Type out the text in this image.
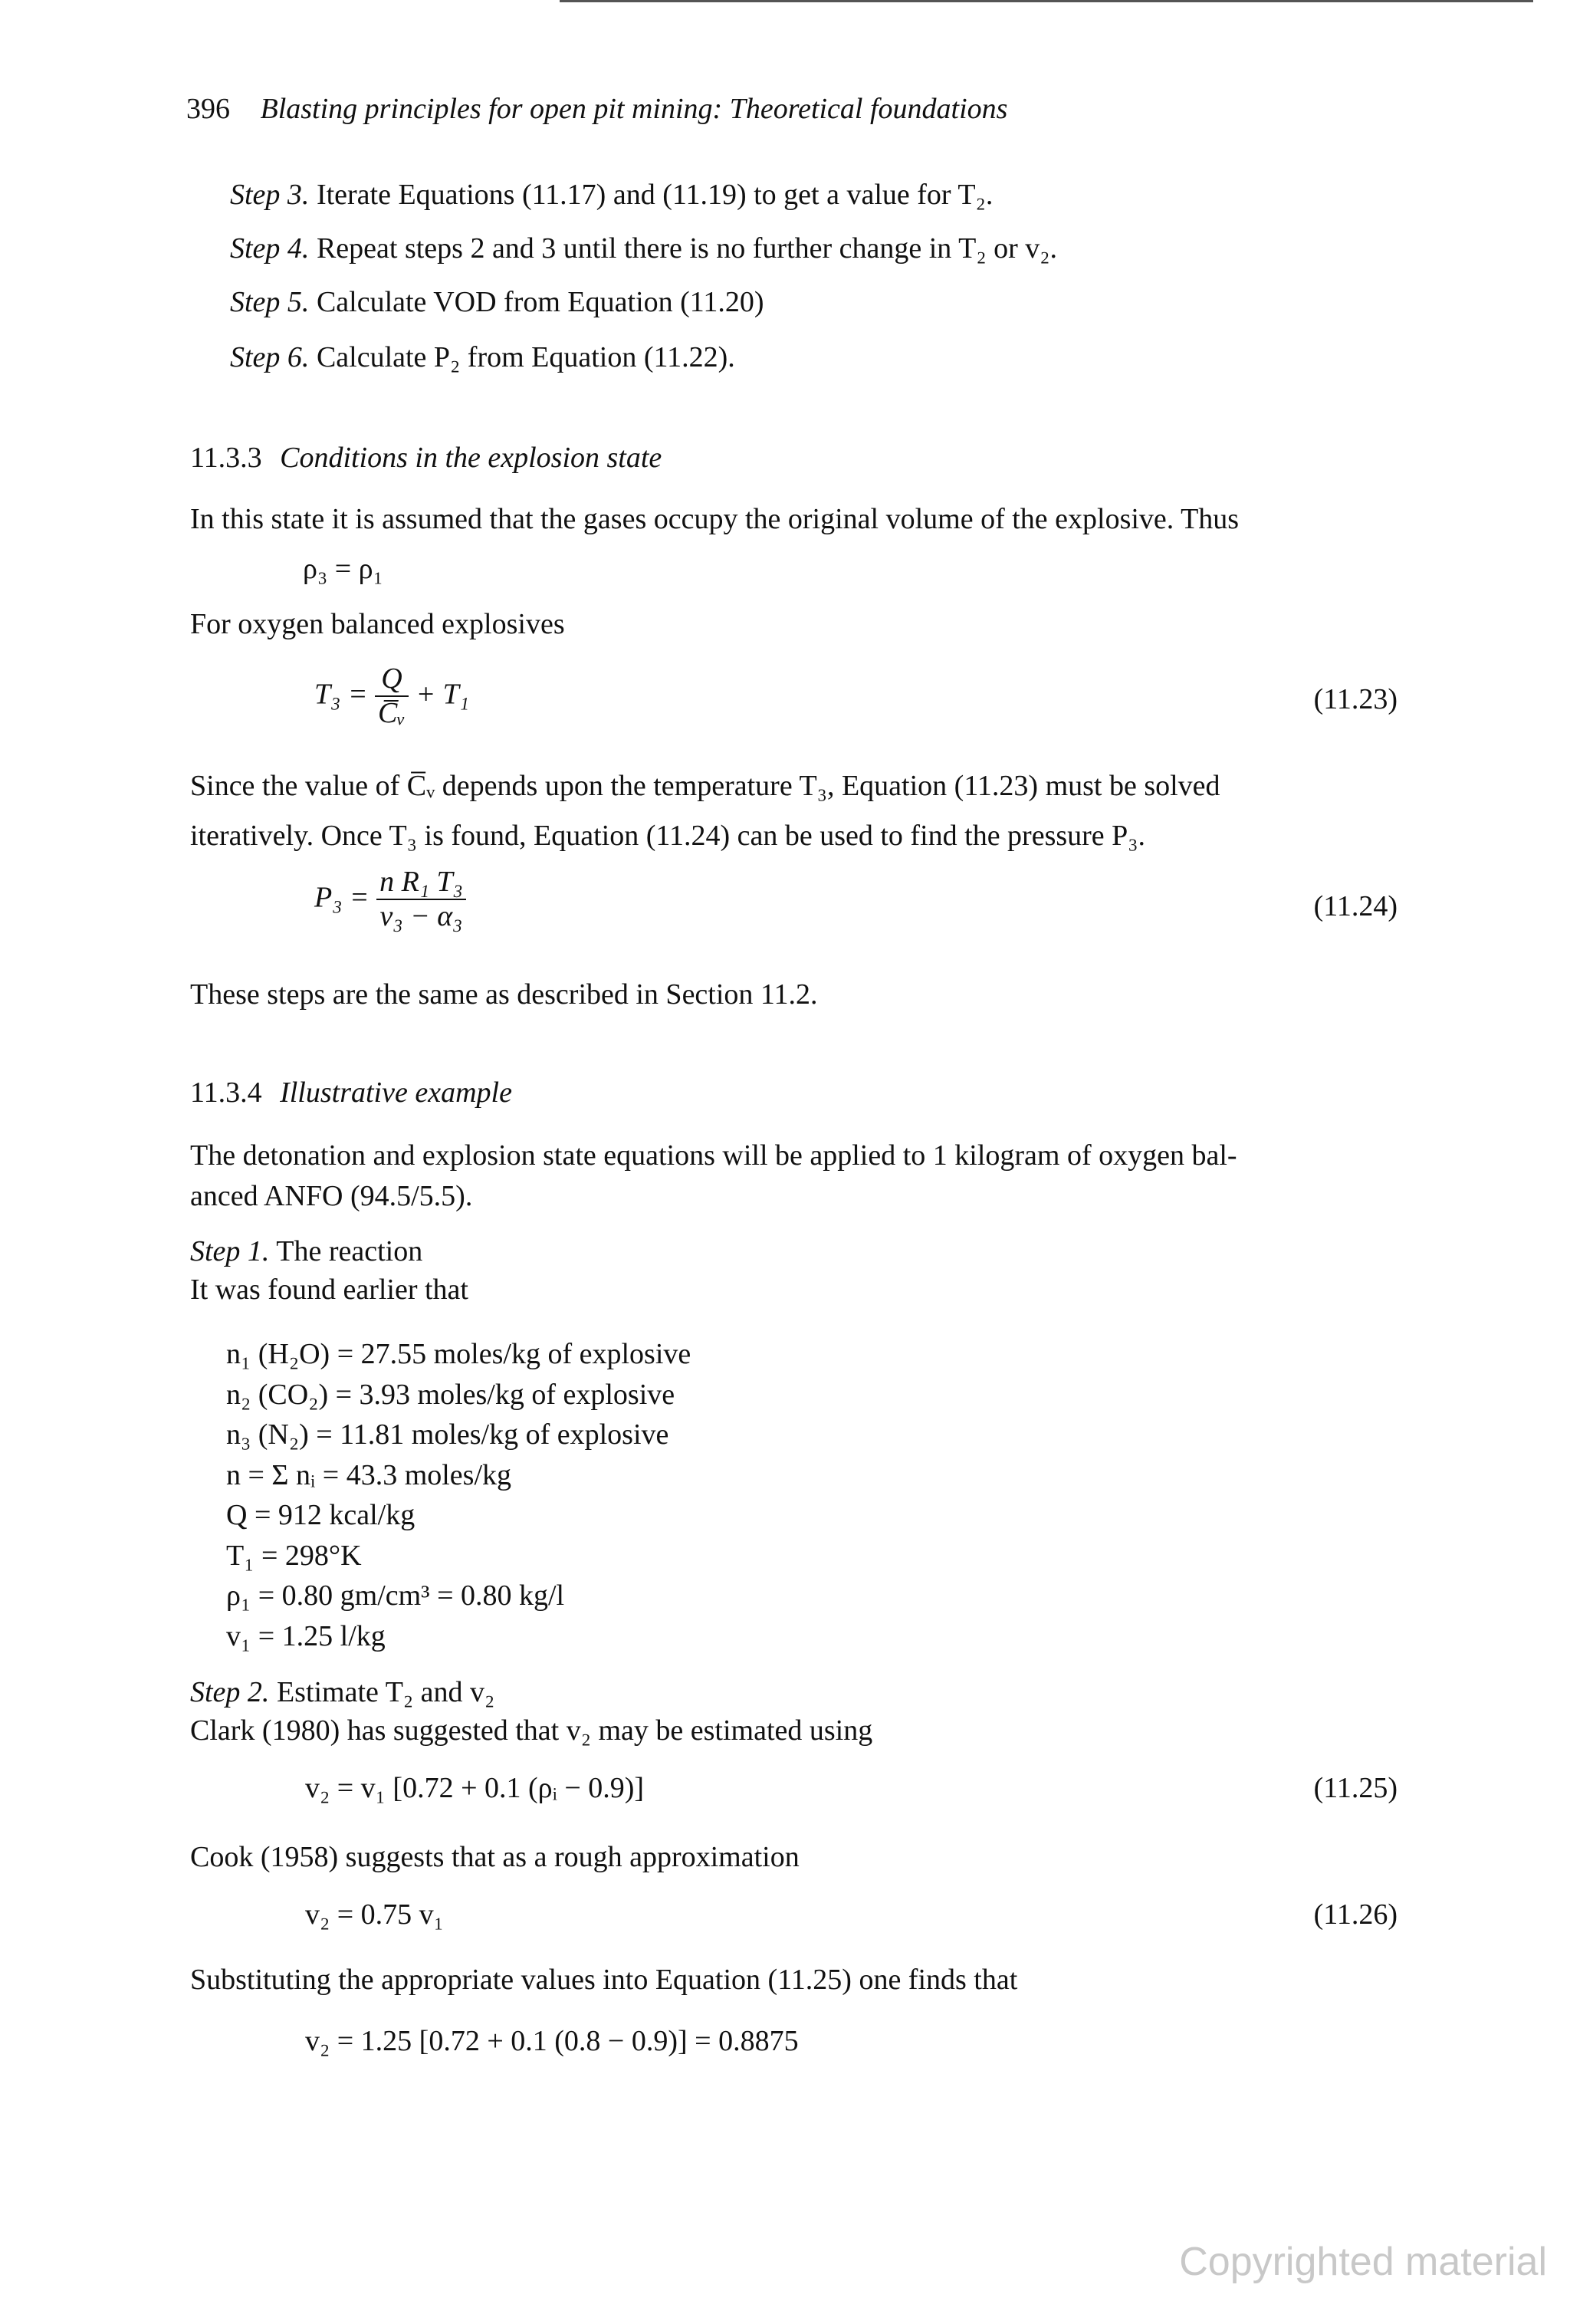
396 Blasting principles for open pit mining: Theoretical foundations
Step 3. Iterate Equations (11.17) and (11.19) to get a value for T₂.
Step 4. Repeat steps 2 and 3 until there is no further change in T₂ or v₂.
Step 5. Calculate VOD from Equation (11.20)
Step 6. Calculate P₂ from Equation (11.22).
11.3.3 Conditions in the explosion state
In this state it is assumed that the gases occupy the original volume of the explosive. Thus
ρ₃ = ρ₁
For oxygen balanced explosives
$T_3 = \frac{Q}{\text{C̅ᵥ}} + T_1$	(11.23)
Since the value of C̅ᵥ depends upon the temperature T₃, Equation (11.23) must be solved
iteratively. Once T₃ is found, Equation (11.24) can be used to find the pressure P₃.
$P_3 = \frac{\text{n R₁ T₃}}{\text{v₃ − α₃}}$	(11.24)
These steps are the same as described in Section 11.2.
11.3.4 Illustrative example
The detonation and explosion state equations will be applied to 1 kilogram of oxygen bal-
anced ANFO (94.5/5.5).
Step 1. The reaction
It was found earlier that
n₁ (H₂O) = 27.55 moles/kg of explosive
n₂ (CO₂) = 3.93 moles/kg of explosive
n₃ (N₂) = 11.81 moles/kg of explosive
n = Σ nᵢ = 43.3 moles/kg
Q = 912 kcal/kg
T₁ = 298°K
ρ₁ = 0.80 gm/cm³ = 0.80 kg/l
v₁ = 1.25 l/kg
Step 2. Estimate T₂ and v₂
Clark (1980) has suggested that v₂ may be estimated using
v₂ = v₁ [0.72 + 0.1 (ρᵢ − 0.9)]	(11.25)
Cook (1958) suggests that as a rough approximation
v₂ = 0.75 v₁	(11.26)
Substituting the appropriate values into Equation (11.25) one finds that
v₂ = 1.25 [0.72 + 0.1 (0.8 − 0.9)] = 0.8875
Copyrighted material
